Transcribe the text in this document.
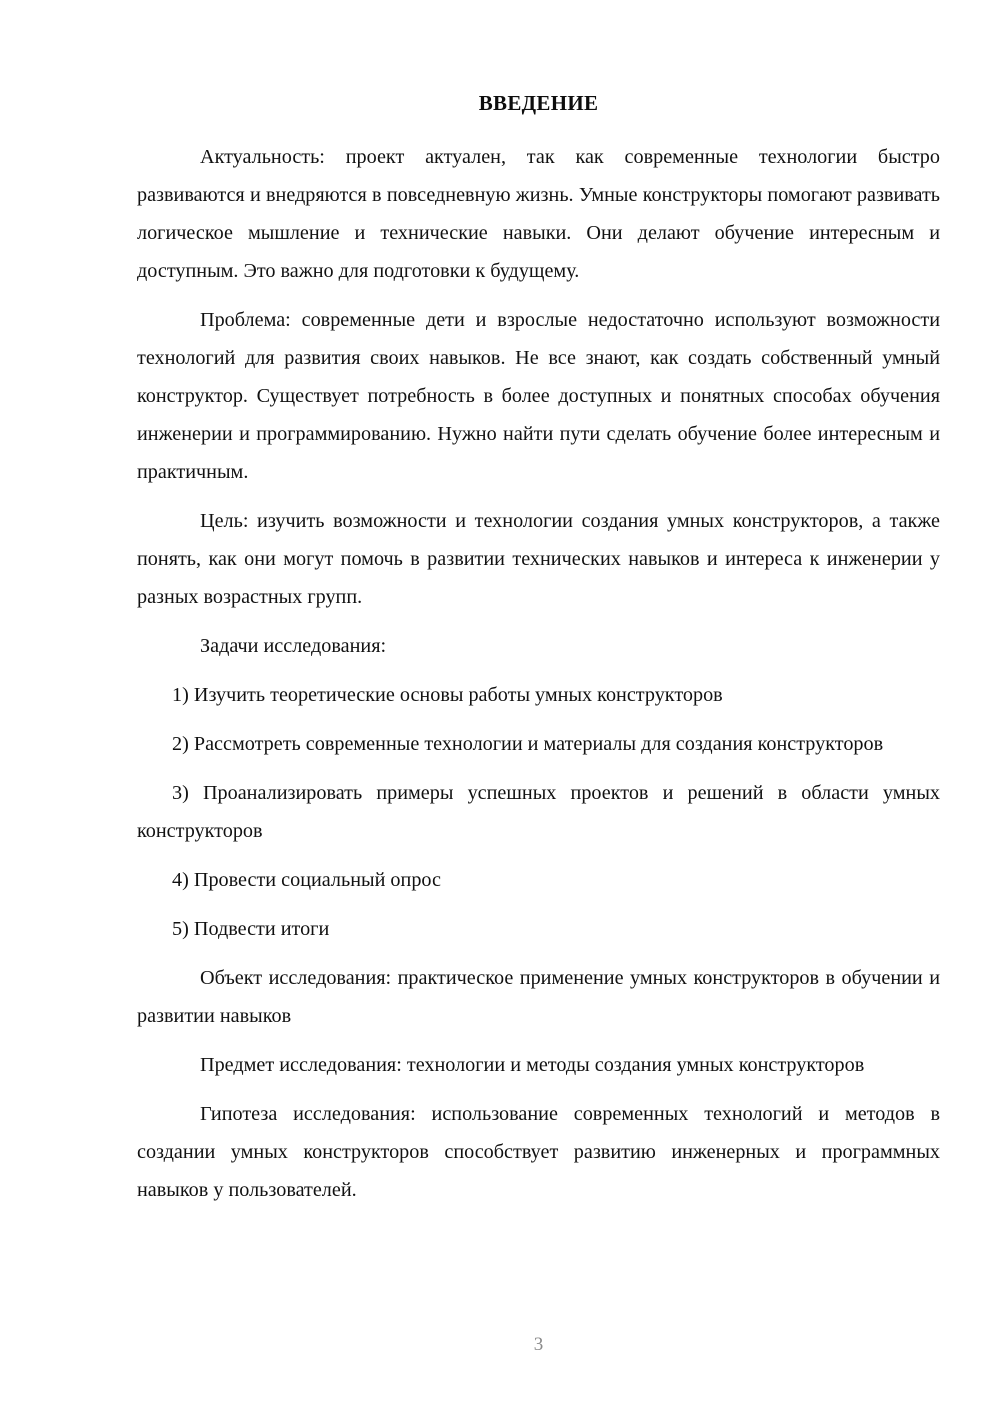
ВВЕДЕНИЕ

Актуальность: проект актуален, так как современные технологии быстро развиваются и внедряются в повседневную жизнь. Умные конструкторы помогают развивать логическое мышление и технические навыки. Они делают обучение интересным и доступным. Это важно для подготовки к будущему.

Проблема: современные дети и взрослые недостаточно используют возможности технологий для развития своих навыков. Не все знают, как создать собственный умный конструктор. Существует потребность в более доступных и понятных способах обучения инженерии и программированию. Нужно найти пути сделать обучение более интересным и практичным.

Цель: изучить возможности и технологии создания умных конструкторов, а также понять, как они могут помочь в развитии технических навыков и интереса к инженерии у разных возрастных групп.

Задачи исследования:

1) Изучить теоретические основы работы умных конструкторов

2) Рассмотреть современные технологии и материалы для создания конструкторов

3) Проанализировать примеры успешных проектов и решений в области умных конструкторов

4) Провести социальный опрос

5) Подвести итоги

Объект исследования: практическое применение умных конструкторов в обучении и развитии навыков

Предмет исследования: технологии и методы создания умных конструкторов

Гипотеза исследования: использование современных технологий и методов в создании умных конструкторов способствует развитию инженерных и программных навыков у пользователей.

3
